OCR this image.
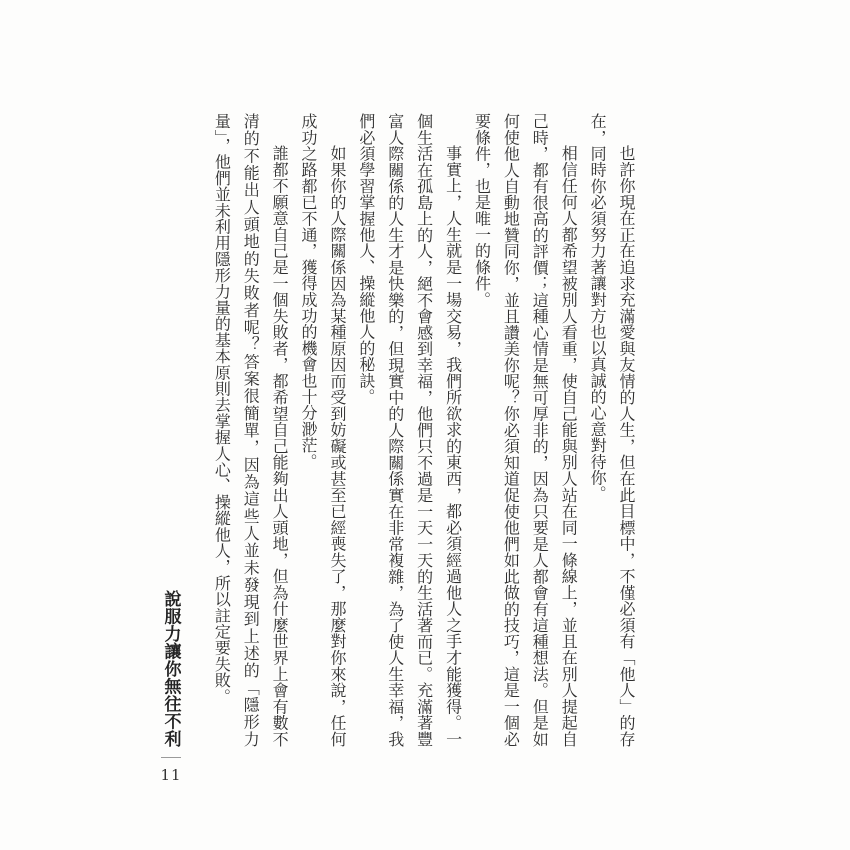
也許你現在正在追求充滿愛與友情的人生，但在此目標中，不僅必須有「他人」的存在，同時你必須努力著讓對方也以真誠的心意對待你。

相信任何人都希望被別人看重，使自己能與別人站在同一條線上，並且在別人提起自己時，都有很高的評價；這種心情是無可厚非的，因為只要是人都會有這種想法。但是如何使他人自動地贊同你，並且讚美你呢？你必須知道促使他們如此做的技巧，這是一個必要條件，也是唯一的條件。

事實上，人生就是一場交易，我們所欲求的東西，都必須經過他人之手才能獲得。一個生活在孤島上的人，絕不會感到幸福，他們只不過是一天一天的生活著而已。充滿著豐富人際關係的人生才是快樂的，但現實中的人際關係實在非常複雜，為了使人生幸福，我們必須學習掌握他人、操縱他人的秘訣。

如果你的人際關係因為某種原因而受到妨礙或甚至已經喪失了，那麼對你來說，任何成功之路都已不通，獲得成功的機會也十分渺茫。

誰都不願意自己是一個失敗者，都希望自己能夠出人頭地，但為什麼世界上會有數不清的不能出人頭地的失敗者呢？答案很簡單，因為這些人並未發現到上述的「隱形力量」，他們並未利用隱形力量的基本原則去掌握人心、操縱他人，所以註定要失敗。

說服力讓你無往不利
11
